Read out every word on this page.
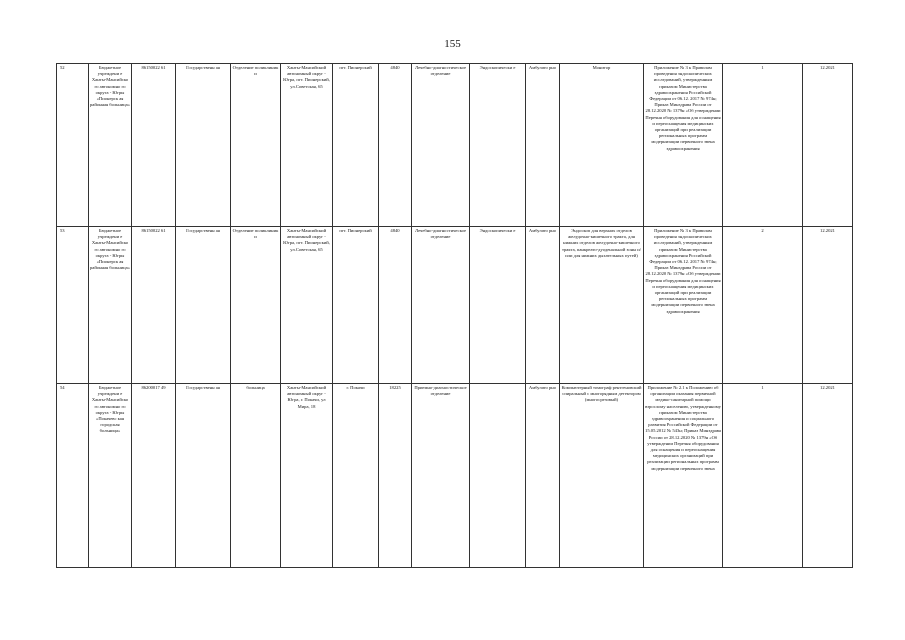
155
52	Бюджетное учреждени е Ханты-Мансийско го автономно го округа - Югры «Пионерск ая районная больница»	86150022 61	Государственн ая	Отделение поликлиник и	Ханты-Мансийский автономный округ - Югра, пгт. Пионерский, ул.Советская, 65	пгт. Пионерский	4840	Лечебно-диагностическое отделение	Эндоскопически е	Амбулато рно	Монитор	Приложение № 3 к Правилам проведения эндоскопических исследований, утвержденным приказом Министерства здравоохранения Российской Федерации от 06.12. 2017 № 974н; Приказ Минздрава России от 28.12.2020 № 1379н «Об утверждении Перечня оборудования для оснащения и переоснащения медицинских организаций при реализации региональных программ модернизации первичного звена здравоохранения	1	12.2021
53	Бюджетное учреждени е Ханты-Мансийско го автономно го округа - Югры «Пионерск ая районная больница»	86150022 61	Государственн ая	Отделение поликлиник и	Ханты-Мансийский автономный округ - Югра, пгт. Пионерский, ул.Советская, 65	пгт. Пионерский	4840	Лечебно-диагностическое отделение	Эндоскопически е	Амбулато рно	Эндоскоп для верхних отделов желудочно-кишечного тракта, для нижних отделов желудочно-кишечного тракта, панкреато-дуоденальной зоны и/или для нижних дыхательных путей)	Приложение № 3 к Правилам проведения эндоскопических исследований, утвержденным приказом Министерства здравоохранения Российской Федерации от 06.12. 2017 № 974н; Приказ Минздрава России от 28.12.2020 № 1379н «Об утверждении Перечня оборудования для оснащения и переоснащения медицинских организаций при реализации региональных программ модернизации первичного звена здравоохранения	2	12.2021
54	Бюджетное учреждени е Ханты-Мансийско го автономно го округа - Югры «Покачевс кая городская больница»	86200017 49	Государственн ая	больница	Ханты-Мансийский автономный округ - Югра, г. Покачи, ул Мира, 18	г. Покачи	18225	Приемно-диагностическое отделение		Амбулато рно	Компьютерный томограф рентгеновский спиральный с многорядным детектором (многосрезовый)	Приложение № 2.1 к Положению об организации оказания первичной медико-санитарной помощи взрослому населению, утвержденному приказом Министерства здравоохранения и социального развития Российской Федерации от 15.05.2012 № 543н; Приказ Минздрава России от 28.12.2020 № 1379н «Об утверждении Перечня оборудования для оснащения и переоснащения медицинских организаций при реализации региональных программ модернизации первичного звена	1	12.2021
